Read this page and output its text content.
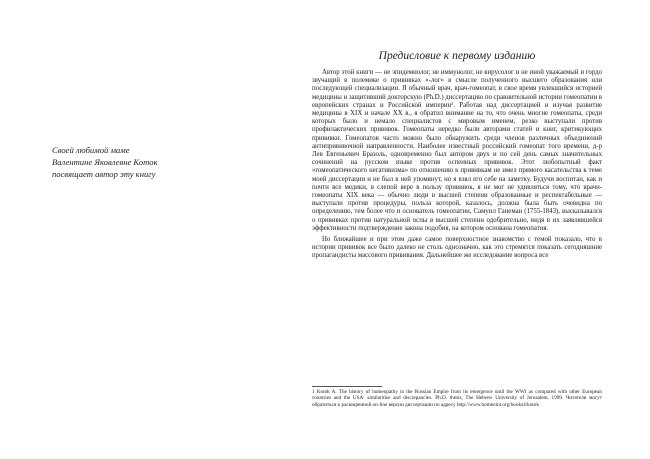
Своей любимой маме
Валентине Яковлевне Коток
посвящает автор эту книгу
Предисловие к первому изданию

Автор этой книги — не эпидемиолог, не иммунолог, не вирусолог и не иной уважаемый и гордо звучащий в полемике о прививках «-лог» в смысле полученного высшего образования или последующей специализации. Я обычный врач, врач-гомеопат, в свое время увлекшийся историей медицины и защитивший докторскую (Ph.D.) диссертацию по сравнительной истории гомеопатии в европейских странах и Российской империи¹. Работая над диссертацией и изучая развитие медицины в XIX и начале XX в., я обратил внимание на то, что очень многие гомеопаты, среди которых было и немало специалистов с мировым именем, резко выступали против профилактических прививок. Гомеопаты нередко были авторами статей и книг, критикующих прививки. Гомеопатов часто можно было обнаружить среди членов различных объединений антипрививочной направленности. Наиболее известный российский гомеопат того времени, д-р Лев Евгеньевич Бразоль, одновременно был автором двух и по сей день самых значительных сочинений на русском языке против оспенных прививок. Этот любопытный факт «гомеопатического негативизма» по отношению к прививкам не имел прямого касательства к теме моей диссертации и не был в ней упомянут, но я взял его себе на заметку. Будучи воспитан, как и почти все медики, в слепой вере в пользу прививок, я не мог не удивляться тому, что врачи-гомеопаты XIX века — обычно люди в высшей степени образованные и респектабельные — выступали против процедуры, польза которой, казалось, должна была быть очевидна по определению, тем более что и основатель гомеопатии, Самуил Ганеман (1755-1843), высказывался о прививках против натуральной оспы в высшей степени одобрительно, видя в их заявлявшейся эффективности подтверждение закона подобия, на котором основана гомеопатия.

Но ближайшее и при этом даже самое поверхностное знакомство с темой показало, что в истории прививок все было далеко не столь однозначно, как это стремятся показать сегодняшние пропагандисты массового прививания. Дальнейшее же исследование вопроса все

1 Kotok A. The history of homeopathy in the Russian Empire from its emergence until the WWI as compared with other European countries and the USA: similarities and discrepancies. Ph.D. thesis, The Hebrew University of Jerusalem, 1999. Читатели могут обратиться к расширенной on-line версии диссертации по адресу http://www.homeoint.org/books4/kotok
